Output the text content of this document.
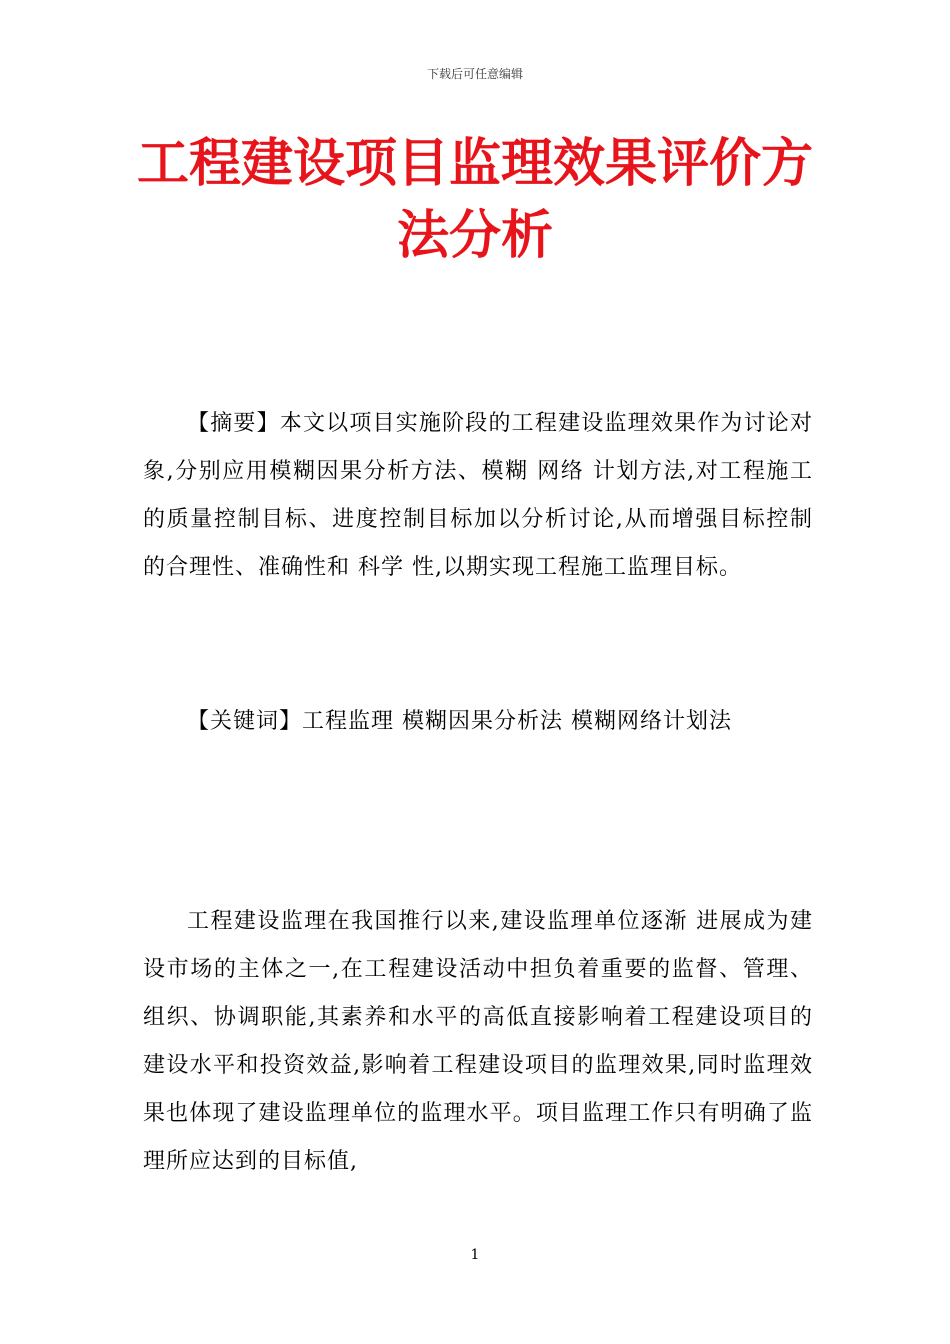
下载后可任意编辑
工程建设项目监理效果评价方法分析

【摘要】本文以项目实施阶段的工程建设监理效果作为讨论对象,分别应用模糊因果分析方法、模糊 网络 计划方法,对工程施工的质量控制目标、进度控制目标加以分析讨论,从而增强目标控制的合理性、准确性和 科学 性,以期实现工程施工监理目标。

【关键词】工程监理 模糊因果分析法 模糊网络计划法

工程建设监理在我国推行以来,建设监理单位逐渐 进展成为建设市场的主体之一,在工程建设活动中担负着重要的监督、管理、组织、协调职能,其素养和水平的高低直接影响着工程建设项目的建设水平和投资效益,影响着工程建设项目的监理效果,同时监理效果也体现了建设监理单位的监理水平。项目监理工作只有明确了监理所应达到的目标值,

1
